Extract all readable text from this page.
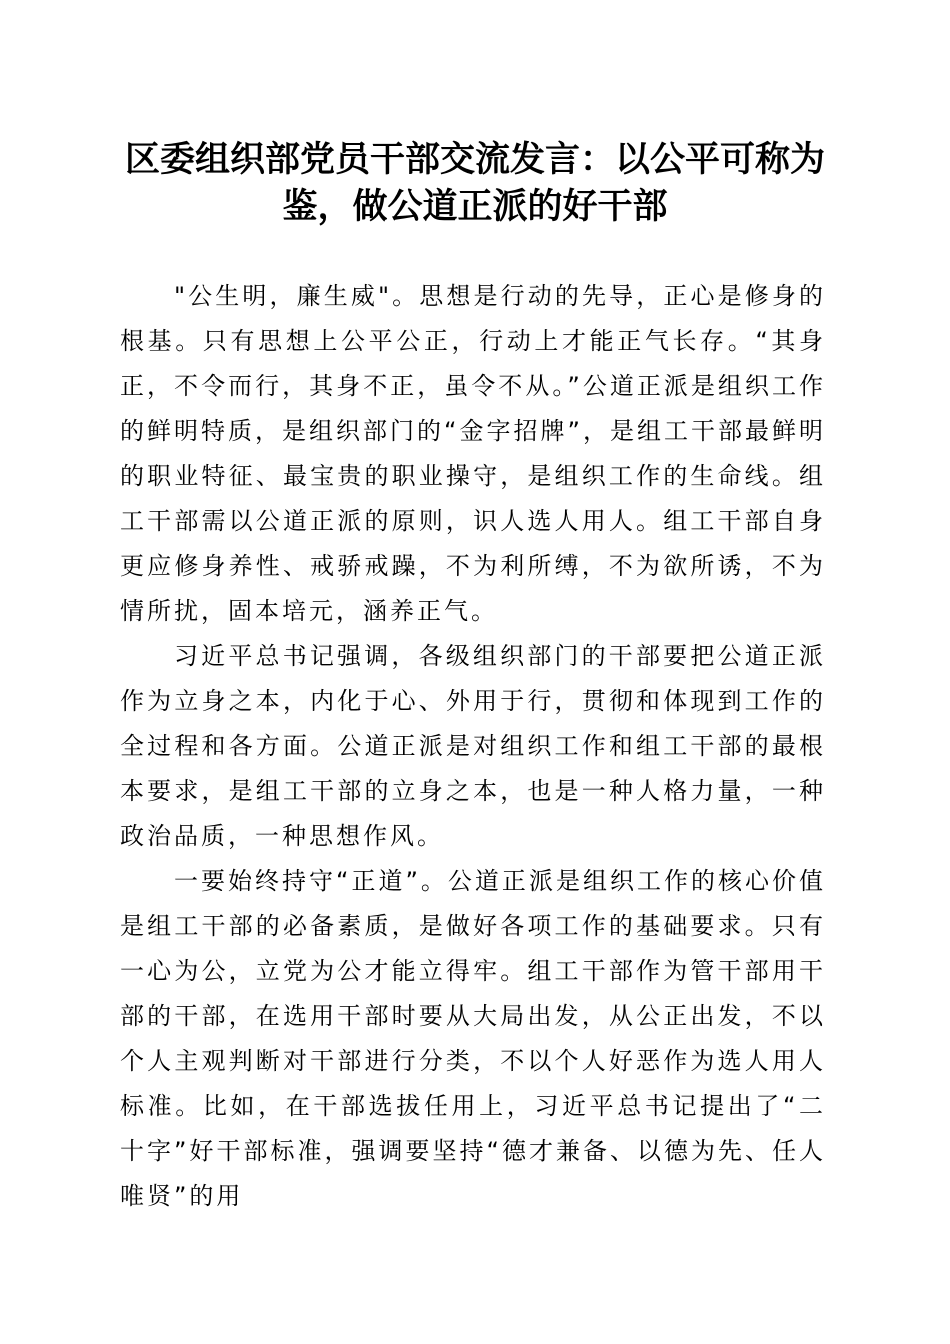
区委组织部党员干部交流发言：以公平可称为鉴，做公道正派的好干部

"公生明，廉生威"。思想是行动的先导，正心是修身的根基。只有思想上公平公正，行动上才能正气长存。“其身正，不令而行，其身不正，虽令不从。”公道正派是组织工作的鲜明特质，是组织部门的“金字招牌”，是组工干部最鲜明的职业特征、最宝贵的职业操守，是组织工作的生命线。组工干部需以公道正派的原则，识人选人用人。组工干部自身更应修身养性、戒骄戒躁，不为利所缚，不为欲所诱，不为情所扰，固本培元，涵养正气。

习近平总书记强调，各级组织部门的干部要把公道正派作为立身之本，内化于心、外用于行，贯彻和体现到工作的全过程和各方面。公道正派是对组织工作和组工干部的最根本要求，是组工干部的立身之本，也是一种人格力量，一种政治品质，一种思想作风。

一要始终持守“正道”。公道正派是组织工作的核心价值是组工干部的必备素质，是做好各项工作的基础要求。只有一心为公，立党为公才能立得牢。组工干部作为管干部用干部的干部，在选用干部时要从大局出发，从公正出发，不以个人主观判断对干部进行分类，不以个人好恶作为选人用人标准。比如，在干部选拔任用上，习近平总书记提出了“二十字”好干部标准，强调要坚持“德才兼备、以德为先、任人唯贤”的用
